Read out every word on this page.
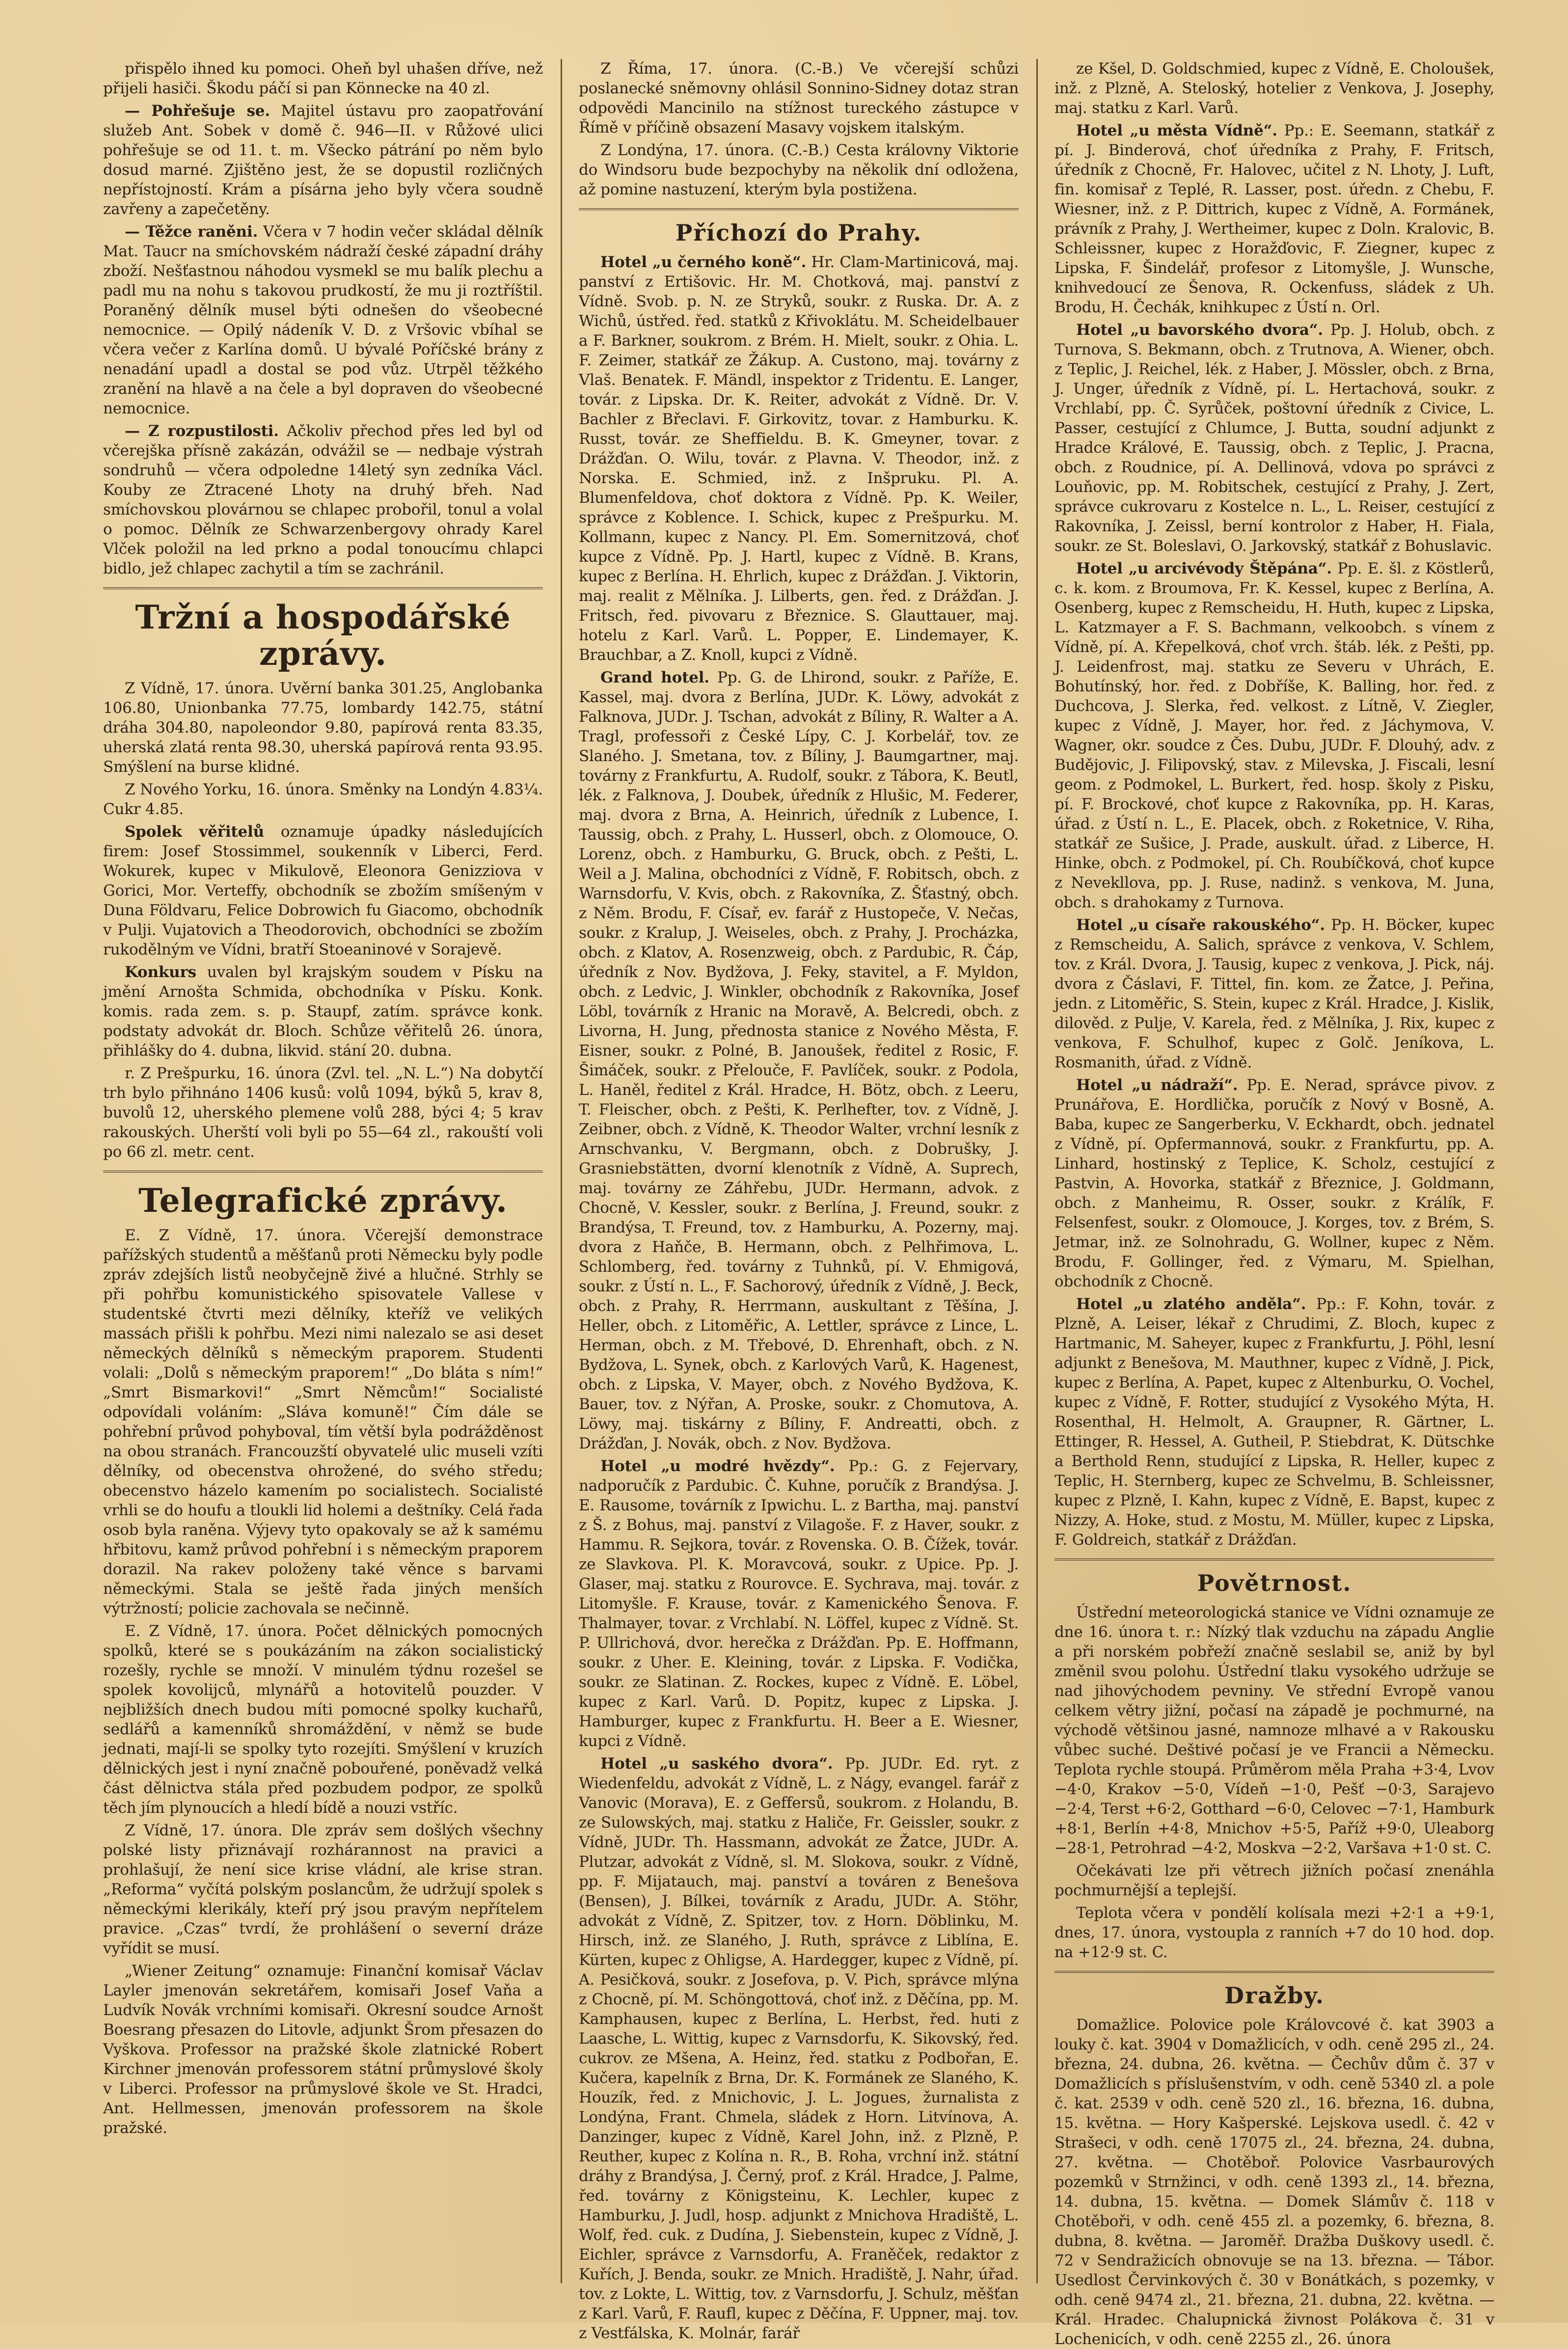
přispělo ihned ku pomoci. Oheň byl uhašen dříve, než přijeli hasiči. Škodu páčí si pan Könnecke na 40 zl.

— Pohřešuje se. Majitel ústavu pro zaopatřování služeb Ant. Sobek v domě č. 946—II. v Růžové ulici pohřešuje se od 11. t. m. Všecko pátrání po něm bylo dosud marné. Zjištěno jest, že se dopustil rozličných nepřístojností. Krám a písárna jeho byly včera soudně zavřeny a zapečetěny.

— Těžce raněni. Včera v 7 hodin večer skládal dělník Mat. Taucr na smíchovském nádraží české západní dráhy zboží. Nešťastnou náhodou vysmekl se mu balík plechu a padl mu na nohu s takovou prudkostí, že mu ji roztříštil. Poraněný dělník musel býti odnešen do všeobecné nemocnice. — Opilý nádeník V. D. z Vršovic vbíhal se včera večer z Karlína domů. U bývalé Poříčské brány z nenadání upadl a dostal se pod vůz. Utrpěl těžkého zranění na hlavě a na čele a byl dopraven do všeobecné nemocnice.

— Z rozpustilosti. Ačkoliv přechod přes led byl od včerejška přísně zakázán, odvážil se — nedbaje výstrah sondruhů — včera odpoledne 14letý syn zedníka Václ. Kouby ze Ztracené Lhoty na druhý břeh. Nad smíchovskou plovárnou se chlapec probořil, tonul a volal o pomoc. Dělník ze Schwarzenbergovy ohrady Karel Vlček položil na led prkno a podal tonoucímu chlapci bidlo, jež chlapec zachytil a tím se zachránil.

Tržní a hospodářské zprávy.

Z Vídně, 17. února. Uvěrní banka 301.25, Anglobanka 106.80, Unionbanka 77.75, lombardy 142.75, státní dráha 304.80, napoleondor 9.80, papírová renta 83.35, uherská zlatá renta 98.30, uherská papírová renta 93.95. Smýšlení na burse klidné.

Z Nového Yorku, 16. února. Směnky na Londýn 4.83¼. Cukr 4.85.

Spolek věřitelů oznamuje úpadky následujících firem: Josef Stossimmel, soukenník v Liberci, Ferd. Wokurek, kupec v Mikulově, Eleonora Genizziova v Gorici, Mor. Verteffy, obchodník se zbožím smíšeným v Duna Földvaru, Felice Dobrowich fu Giacomo, obchodník v Pulji. Vujatovich a Theodorovich, obchodníci se zbožím rukodělným ve Vídni, bratří Stoeaninové v Sorajevě.

Konkurs uvalen byl krajským soudem v Písku na jmění Arnošta Schmida, obchodníka v Písku. Konk. komis. rada zem. s. p. Staupf, zatím. správce konk. podstaty advokát dr. Bloch. Schůze věřitelů 26. února, přihlášky do 4. dubna, likvid. stání 20. dubna.

r. Z Prešpurku, 16. února (Zvl. tel. „N. L.“) Na dobytčí trh bylo přihnáno 1406 kusů: volů 1094, býků 5, krav 8, buvolů 12, uherského plemene volů 288, býci 4; 5 krav rakouských. Uherští voli byli po 55—64 zl., rakouští voli po 66 zl. metr. cent.

Telegrafické zprávy.

E. Z Vídně, 17. února. Včerejší demonstrace pařížských studentů a měšťanů proti Německu byly podle zpráv zdejších listů neobyčejně živé a hlučné. Strhly se při pohřbu komunistického spisovatele Vallese v studentské čtvrti mezi dělníky, kteříž ve velikých massách přišli k pohřbu. Mezi nimi nalezalo se asi deset německých dělníků s německým praporem. Studenti volali: „Dolů s německým praporem!“ „Do bláta s ním!“ „Smrt Bismarkovi!“ „Smrt Němcům!“ Socialisté odpovídali voláním: „Sláva komuně!“ Čím dále se pohřební průvod pohyboval, tím větší byla podrážděnost na obou stranách. Francouzští obyvatelé ulic museli vzíti dělníky, od obecenstva ohrožené, do svého středu; obecenstvo házelo kamením po socialistech. Socialisté vrhli se do houfu a tloukli lid holemi a deštníky. Celá řada osob byla raněna. Výjevy tyto opakovaly se až k samému hřbitovu, kamž průvod pohřební i s německým praporem dorazil. Na rakev položeny také věnce s barvami německými. Stala se ještě řada jiných menších výtržností; policie zachovala se nečinně.

E. Z Vídně, 17. února. Počet dělnických pomocných spolků, které se s poukázáním na zákon socialistický rozešly, rychle se množí. V minulém týdnu rozešel se spolek kovolijců, mlynářů a hotovitelů pouzder. V nejbližších dnech budou míti pomocné spolky kuchařů, sedlářů a kamenníků shromáždění, v němž se bude jednati, mají-li se spolky tyto rozejíti. Smýšlení v kruzích dělnických jest i nyní značně pobouřené, poněvadž velká část dělnictva stála před pozbudem podpor, ze spolků těch jím plynoucích a hledí bídě a nouzi vstříc.

Z Vídně, 17. února. Dle zpráv sem došlých všechny polské listy přiznávají rozhárannost na pravici a prohlašují, že není sice krise vládní, ale krise stran. „Reforma“ vyčítá polským poslancům, že udržují spolek s německými klerikály, kteří prý jsou pravým nepřítelem pravice. „Czas“ tvrdí, že prohlášení o severní dráze vyřídit se musí.

„Wiener Zeitung“ oznamuje: Finanční komisař Václav Layler jmenován sekretářem, komisaři Josef Vaňa a Ludvík Novák vrchními komisaři. Okresní soudce Arnošt Boesrang přesazen do Litovle, adjunkt Šrom přesazen do Vyškova. Professor na pražské škole zlatnické Robert Kirchner jmenován professorem státní průmyslové školy v Liberci. Professor na průmyslové škole ve St. Hradci, Ant. Hellmessen, jmenován professorem na škole pražské.

Z Říma, 17. února. (C.-B.) Ve včerejší schůzi poslanecké sněmovny ohlásil Sonnino-Sidney dotaz stran odpovědi Mancinilo na stížnost tureckého zástupce v Římě v příčině obsazení Masavy vojskem italským.

Z Londýna, 17. února. (C.-B.) Cesta královny Viktorie do Windsoru bude bezpochyby na několik dní odložena, až pomine nastuzení, kterým byla postižena.

Příchozí do Prahy.

Hotel „u černého koně“. Hr. Clam-Martinicová, maj. panství z Ertišovic. Hr. M. Chotková, maj. panství z Vídně. Svob. p. N. ze Stryků, soukr. z Ruska. Dr. A. z Wichů, ústřed. řed. statků z Křivoklátu. M. Scheidelbauer a F. Barkner, soukrom. z Brém. H. Mielt, soukr. z Ohia. L. F. Zeimer, statkář ze Žákup. A. Custono, maj. továrny z Vlaš. Benatek. F. Mändl, inspektor z Tridentu. E. Langer, továr. z Lipska. Dr. K. Reiter, advokát z Vídně. Dr. V. Bachler z Břeclavi. F. Girkovitz, tovar. z Hamburku. K. Russt, továr. ze Sheffieldu. B. K. Gmeyner, tovar. z Drážďan. O. Wilu, továr. z Plavna. V. Theodor, inž. z Norska. E. Schmied, inž. z Inšpruku. Pl. A. Blumenfeldova, choť doktora z Vídně. Pp. K. Weiler, správce z Koblence. I. Schick, kupec z Prešpurku. M. Kollmann, kupec z Nancy. Pl. Em. Somernitzová, choť kupce z Vídně. Pp. J. Hartl, kupec z Vídně. B. Krans, kupec z Berlína. H. Ehrlich, kupec z Drážďan. J. Viktorin, maj. realit z Mělníka. J. Lilberts, gen. řed. z Drážďan. J. Fritsch, řed. pivovaru z Březnice. S. Glauttauer, maj. hotelu z Karl. Varů. L. Popper, E. Lindemayer, K. Brauchbar, a Z. Knoll, kupci z Vídně.

Grand hotel. Pp. G. de Lhirond, soukr. z Paříže, E. Kassel, maj. dvora z Berlína, JUDr. K. Löwy, advokát z Falknova, JUDr. J. Tschan, advokát z Bíliny, R. Walter a A. Tragl, professoři z České Lípy, C. J. Korbelář, tov. ze Slaného. J. Smetana, tov. z Bíliny, J. Baumgartner, maj. továrny z Frankfurtu, A. Rudolf, soukr. z Tábora, K. Beutl, lék. z Falknova, J. Doubek, úředník z Hlušic, M. Federer, maj. dvora z Brna, A. Heinrich, úředník z Lubence, I. Taussig, obch. z Prahy, L. Husserl, obch. z Olomouce, O. Lorenz, obch. z Hamburku, G. Bruck, obch. z Pešti, L. Weil a J. Malina, obchodníci z Vídně, F. Robitsch, obch. z Warnsdorfu, V. Kvis, obch. z Rakovníka, Z. Šťastný, obch. z Něm. Brodu, F. Císař, ev. farář z Hustopeče, V. Nečas, soukr. z Kralup, J. Weiseles, obch. z Prahy, J. Procházka, obch. z Klatov, A. Rosenzweig, obch. z Pardubic, R. Čáp, úředník z Nov. Bydžova, J. Feky, stavitel, a F. Myldon, obch. z Ledvic, J. Winkler, obchodník z Rakovníka, Josef Löbl, továrník z Hranic na Moravě, A. Belcredi, obch. z Livorna, H. Jung, přednosta stanice z Nového Města, F. Eisner, soukr. z Polné, B. Janoušek, ředitel z Rosic, F. Šimáček, soukr. z Přelouče, F. Pavlíček, soukr. z Podola, L. Haněl, ředitel z Král. Hradce, H. Bötz, obch. z Leeru, T. Fleischer, obch. z Pešti, K. Perlhefter, tov. z Vídně, J. Zeibner, obch. z Vídně, K. Theodor Walter, vrchní lesník z Arnschvanku, V. Bergmann, obch. z Dobrušky, J. Grasniebstätten, dvorní klenotník z Vídně, A. Suprech, maj. továrny ze Záhřebu, JUDr. Hermann, advok. z Chocně, V. Kessler, soukr. z Berlína, J. Freund, soukr. z Brandýsa, T. Freund, tov. z Hamburku, A. Pozerny, maj. dvora z Haňče, B. Hermann, obch. z Pelhřimova, L. Schlomberg, řed. továrny z Tuhnků, pí. V. Ehmigová, soukr. z Ústí n. L., F. Sachorový, úředník z Vídně, J. Beck, obch. z Prahy, R. Herrmann, auskultant z Těšína, J. Heller, obch. z Litoměřic, A. Lettler, správce z Lince, L. Herman, obch. z M. Třebové, D. Ehrenhaft, obch. z N. Bydžova, L. Synek, obch. z Karlových Varů, K. Hagenest, obch. z Lipska, V. Mayer, obch. z Nového Bydžova, K. Bauer, tov. z Nýřan, A. Proske, soukr. z Chomutova, A. Löwy, maj. tiskárny z Bíliny, F. Andreatti, obch. z Drážďan, J. Novák, obch. z Nov. Bydžova.

Hotel „u modré hvězdy“. Pp.: G. z Fejervary, nadporučík z Pardubic. Č. Kuhne, poručík z Brandýsa. J. E. Rausome, továrník z Ipwichu. L. z Bartha, maj. panství z Š. z Bohus, maj. panství z Vilagoše. F. z Haver, soukr. z Hammu. R. Sejkora, továr. z Rovenska. O. B. Čížek, továr. ze Slavkova. Pl. K. Moravcová, soukr. z Upice. Pp. J. Glaser, maj. statku z Rourovce. E. Sychrava, maj. továr. z Litomyšle. F. Krause, továr. z Kamenického Šenova. F. Thalmayer, tovar. z Vrchlabí. N. Löffel, kupec z Vídně. St. P. Ullrichová, dvor. herečka z Drážďan. Pp. E. Hoffmann, soukr. z Uher. E. Kleining, továr. z Lipska. F. Vodička, soukr. ze Slatinan. Z. Rockes, kupec z Vídně. E. Löbel, kupec z Karl. Varů. D. Popitz, kupec z Lipska. J. Hamburger, kupec z Frankfurtu. H. Beer a E. Wiesner, kupci z Vídně.

Hotel „u saského dvora“. Pp. JUDr. Ed. ryt. z Wiedenfeldu, advokát z Vídně, L. z Nágy, evangel. farář z Vanovic (Morava), E. z Geffersů, soukrom. z Holandu, B. ze Sulowských, maj. statku z Haliče, Fr. Geissler, soukr. z Vídně, JUDr. Th. Hassmann, advokát ze Žatce, JUDr. A. Plutzar, advokát z Vídně, sl. M. Slokova, soukr. z Vídně, pp. F. Mijatauch, maj. panství a továren z Benešova (Bensen), J. Bílkei, továrník z Aradu, JUDr. A. Stöhr, advokát z Vídně, Z. Spitzer, tov. z Horn. Döblinku, M. Hirsch, inž. ze Slaného, J. Ruth, správce z Liblína, E. Kürten, kupec z Ohligse, A. Hardegger, kupec z Vídně, pí. A. Pesičková, soukr. z Josefova, p. V. Pich, správce mlýna z Chocně, pí. M. Schöngottová, choť inž. z Děčína, pp. M. Kamphausen, kupec z Berlína, L. Herbst, řed. huti z Laasche, L. Wittig, kupec z Varnsdorfu, K. Sikovský, řed. cukrov. ze Mšena, A. Heinz, řed. statku z Podbořan, E. Kučera, kapelník z Brna, Dr. K. Formánek ze Slaného, K. Houzík, řed. z Mnichovic, J. L. Jogues, žurnalista z Londýna, Frant. Chmela, sládek z Horn. Litvínova, A. Danzinger, kupec z Vídně, Karel John, inž. z Plzně, P. Reuther, kupec z Kolína n. R., B. Roha, vrchní inž. státní dráhy z Brandýsa, J. Černý, prof. z Král. Hradce, J. Palme, řed. továrny z Königsteinu, K. Lechler, kupec z Hamburku, J. Judl, hosp. adjunkt z Mnichova Hradiště, L. Wolf, řed. cuk. z Dudína, J. Siebenstein, kupec z Vídně, J. Eichler, správce z Varnsdorfu, A. Franěček, redaktor z Kuřích, J. Benda, soukr. ze Mnich. Hradiště, J. Nahr, úřad. tov. z Lokte, L. Wittig, tov. z Varnsdorfu, J. Schulz, měšťan z Karl. Varů, F. Raufl, kupec z Děčína, F. Uppner, maj. tov. z Vestfálska, K. Molnár, farář

ze Kšel, D. Goldschmied, kupec z Vídně, E. Choloušek, inž. z Plzně, A. Steloský, hotelier z Venkova, J. Josephy, maj. statku z Karl. Varů.

Hotel „u města Vídně“. Pp.: E. Seemann, statkář z pí. J. Binderová, choť úředníka z Prahy, F. Fritsch, úředník z Chocně, Fr. Halovec, učitel z N. Lhoty, J. Luft, fin. komisař z Teplé, R. Lasser, post. úředn. z Chebu, F. Wiesner, inž. z P. Dittrich, kupec z Vídně, A. Formánek, právník z Prahy, J. Wertheimer, kupec z Doln. Kralovic, B. Schleissner, kupec z Horažďovic, F. Ziegner, kupec z Lipska, F. Šindelář, profesor z Litomyšle, J. Wunsche, knihvedoucí ze Šenova, R. Ockenfuss, sládek z Uh. Brodu, H. Čechák, knihkupec z Ústí n. Orl.

Hotel „u bavorského dvora“. Pp. J. Holub, obch. z Turnova, S. Bekmann, obch. z Trutnova, A. Wiener, obch. z Teplic, J. Reichel, lék. z Haber, J. Mössler, obch. z Brna, J. Unger, úředník z Vídně, pí. L. Hertachová, soukr. z Vrchlabí, pp. Č. Syrůček, poštovní úředník z Civice, L. Passer, cestující z Chlumce, J. Butta, soudní adjunkt z Hradce Králové, E. Taussig, obch. z Teplic, J. Pracna, obch. z Roudnice, pí. A. Dellinová, vdova po správci z Louňovic, pp. M. Robitschek, cestující z Prahy, J. Zert, správce cukrovaru z Kostelce n. L., L. Reiser, cestující z Rakovníka, J. Zeissl, berní kontrolor z Haber, H. Fiala, soukr. ze St. Boleslavi, O. Jarkovský, statkář z Bohuslavic.

Hotel „u arcivévody Štěpána“. Pp. E. šl. z Köstlerů, c. k. kom. z Broumova, Fr. K. Kessel, kupec z Berlína, A. Osenberg, kupec z Remscheidu, H. Huth, kupec z Lipska, L. Katzmayer a F. S. Bachmann, velkoobch. s vínem z Vídně, pí. A. Křepelková, choť vrch. štáb. lék. z Pešti, pp. J. Leidenfrost, maj. statku ze Severu v Uhrách, E. Bohutínský, hor. řed. z Dobříše, K. Balling, hor. řed. z Duchcova, J. Slerka, řed. velkost. z Lítně, V. Ziegler, kupec z Vídně, J. Mayer, hor. řed. z Jáchymova, V. Wagner, okr. soudce z Čes. Dubu, JUDr. F. Dlouhý, adv. z Budějovic, J. Filipovský, stav. z Milevska, J. Fiscali, lesní geom. z Podmokel, L. Burkert, řed. hosp. školy z Pisku, pí. F. Brockové, choť kupce z Rakovníka, pp. H. Karas, úřad. z Ústí n. L., E. Placek, obch. z Roketnice, V. Riha, statkář ze Sušice, J. Prade, auskult. úřad. z Liberce, H. Hinke, obch. z Podmokel, pí. Ch. Roubíčková, choť kupce z Nevekllova, pp. J. Ruse, nadinž. s venkova, M. Juna, obch. s drahokamy z Turnova.

Hotel „u císaře rakouského“. Pp. H. Böcker, kupec z Remscheidu, A. Salich, správce z venkova, V. Schlem, tov. z Král. Dvora, J. Tausig, kupec z venkova, J. Pick, náj. dvora z Čáslavi, F. Tittel, fin. kom. ze Žatce, J. Peřina, jedn. z Litoměřic, S. Stein, kupec z Král. Hradce, J. Kislik, dilověd. z Pulje, V. Karela, řed. z Mělníka, J. Rix, kupec z venkova, F. Schulhof, kupec z Golč. Jeníkova, L. Rosmanith, úřad. z Vídně.

Hotel „u nádraží“. Pp. E. Nerad, správce pivov. z Prunářova, E. Hordlička, poručík z Nový v Bosně, A. Baba, kupec ze Sangerberku, V. Eckhardt, obch. jednatel z Vídně, pí. Opfermannová, soukr. z Frankfurtu, pp. A. Linhard, hostinský z Teplice, K. Scholz, cestující z Pastvin, A. Hovorka, statkář z Březnice, J. Goldmann, obch. z Manheimu, R. Osser, soukr. z Králík, F. Felsenfest, soukr. z Olomouce, J. Korges, tov. z Brém, S. Jetmar, inž. ze Solnohradu, G. Wollner, kupec z Něm. Brodu, F. Gollinger, řed. z Výmaru, M. Spielhan, obchodník z Chocně.

Hotel „u zlatého anděla“. Pp.: F. Kohn, továr. z Plzně, A. Leiser, lékař z Chrudimi, Z. Bloch, kupec z Hartmanic, M. Saheyer, kupec z Frankfurtu, J. Pöhl, lesní adjunkt z Benešova, M. Mauthner, kupec z Vídně, J. Pick, kupec z Berlína, A. Papet, kupec z Altenburku, O. Vochel, kupec z Vídně, F. Rotter, studující z Vysokého Mýta, H. Rosenthal, H. Helmolt, A. Graupner, R. Gärtner, L. Ettinger, R. Hessel, A. Gutheil, P. Stiebdrat, K. Dütschke a Berthold Renn, studující z Lipska, R. Heller, kupec z Teplic, H. Sternberg, kupec ze Schvelmu, B. Schleissner, kupec z Plzně, I. Kahn, kupec z Vídně, E. Bapst, kupec z Nizzy, A. Hoke, stud. z Mostu, M. Müller, kupec z Lipska, F. Goldreich, statkář z Drážďan.

Povětrnost.

Ústřední meteorologická stanice ve Vídni oznamuje ze dne 16. února t. r.: Nízký tlak vzduchu na západu Anglie a při norském pobřeží značně seslabil se, aniž by byl změnil svou polohu. Ústřední tlaku vysokého udržuje se nad jihovýchodem pevniny. Ve střední Evropě vanou celkem větry jižní, počasí na západě je pochmurné, na východě většinou jasné, namnoze mlhavé a v Rakousku vůbec suché. Deštivé počasí je ve Francii a Německu. Teplota rychle stoupá. Průměrom měla Praha +3·4, Lvov −4·0, Krakov −5·0, Vídeň −1·0, Pešť −0·3, Sarajevo −2·4, Terst +6·2, Gotthard −6·0, Celovec −7·1, Hamburk +8·1, Berlín +4·8, Mnichov +5·5, Paříž +9·0, Uleaborg −28·1, Petrohrad −4·2, Moskva −2·2, Varšava +1·0 st. C.

Očekávati lze při větrech jižních počasí znenáhla pochmurnější a teplejší.

Teplota včera v pondělí kolísala mezi +2·1 a +9·1, dnes, 17. února, vystoupla z ranních +7 do 10 hod. dop. na +12·9 st. C.

Dražby.

Domažlice. Polovice pole Královcové č. kat 3903 a louky č. kat. 3904 v Domažlicích, v odh. ceně 295 zl., 24. března, 24. dubna, 26. května. — Čechův dům č. 37 v Domažlicích s příslušenstvím, v odh. ceně 5340 zl. a pole č. kat. 2539 v odh. ceně 520 zl., 16. března, 16. dubna, 15. května. — Hory Kašperské. Lejskova usedl. č. 42 v Strašeci, v odh. ceně 17075 zl., 24. března, 24. dubna, 27. května. — Chotěboř. Polovice Vasrbaurových pozemků v Strnžinci, v odh. ceně 1393 zl., 14. března, 14. dubna, 15. května. — Domek Slámův č. 118 v Chotěboři, v odh. ceně 455 zl. a pozemky, 6. března, 8. dubna, 8. května. — Jaroměř. Dražba Duškovy usedl. č. 72 v Sendražicích obnovuje se na 13. března. — Tábor. Usedlost Červinkových č. 30 v Bonátkách, s pozemky, v odh. ceně 9474 zl., 21. března, 21. dubna, 22. května. — Král. Hradec. Chalupnická živnost Polákova č. 31 v Lochenicích, v odh. ceně 2255 zl., 26. února
